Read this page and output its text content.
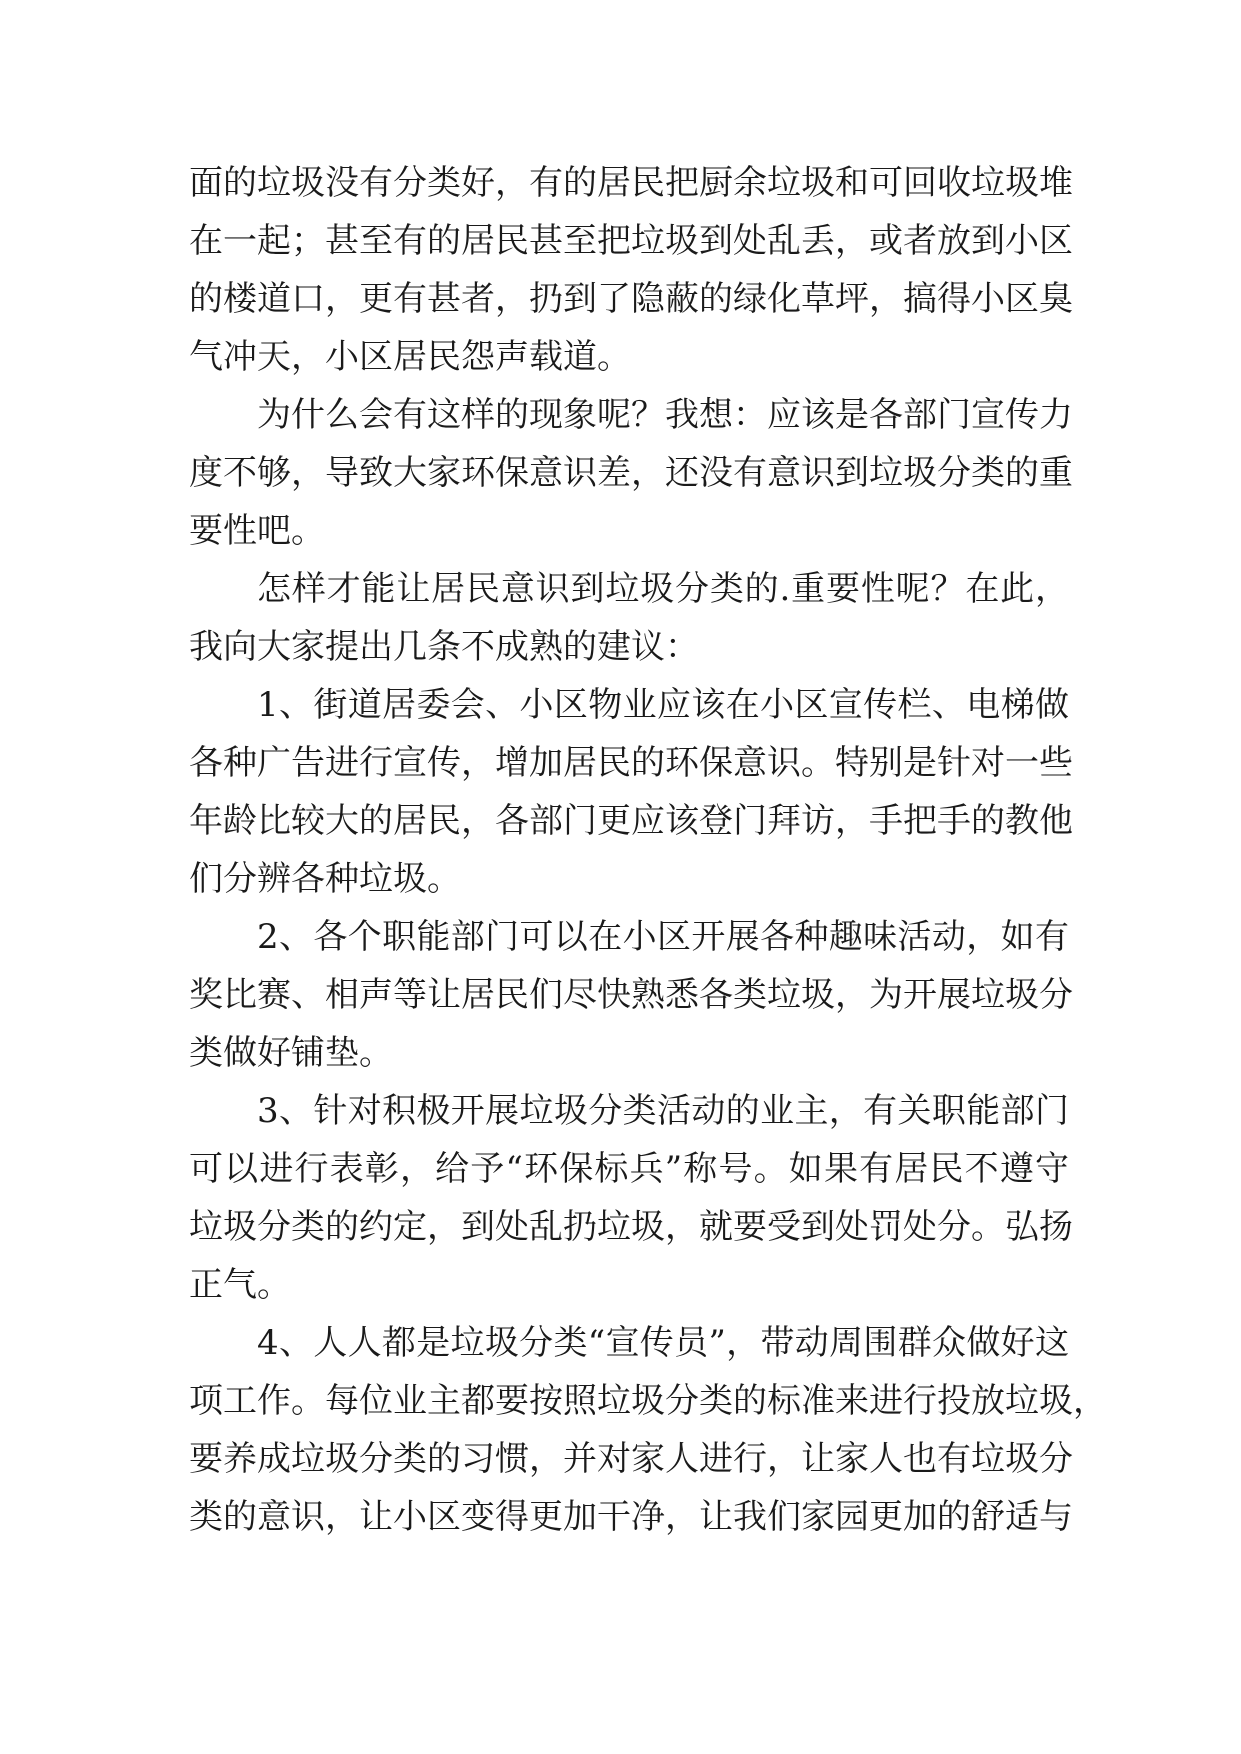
面的垃圾没有分类好，有的居民把厨余垃圾和可回收垃圾堆
在一起；甚至有的居民甚至把垃圾到处乱丢，或者放到小区
的楼道口，更有甚者，扔到了隐蔽的绿化草坪，搞得小区臭
气冲天，小区居民怨声载道。
为什么会有这样的现象呢？我想：应该是各部门宣传力
度不够，导致大家环保意识差，还没有意识到垃圾分类的重
要性吧。
怎样才能让居民意识到垃圾分类的.重要性呢？在此，
我向大家提出几条不成熟的建议：
1、街道居委会、小区物业应该在小区宣传栏、电梯做
各种广告进行宣传，增加居民的环保意识。特别是针对一些
年龄比较大的居民，各部门更应该登门拜访，手把手的教他
们分辨各种垃圾。
2、各个职能部门可以在小区开展各种趣味活动，如有
奖比赛、相声等让居民们尽快熟悉各类垃圾，为开展垃圾分
类做好铺垫。
3、针对积极开展垃圾分类活动的业主，有关职能部门
可以进行表彰，给予“环保标兵”称号。如果有居民不遵守
垃圾分类的约定，到处乱扔垃圾，就要受到处罚处分。弘扬
正气。
4、人人都是垃圾分类“宣传员”，带动周围群众做好这
项工作。每位业主都要按照垃圾分类的标准来进行投放垃圾，
要养成垃圾分类的习惯，并对家人进行，让家人也有垃圾分
类的意识，让小区变得更加干净，让我们家园更加的舒适与
